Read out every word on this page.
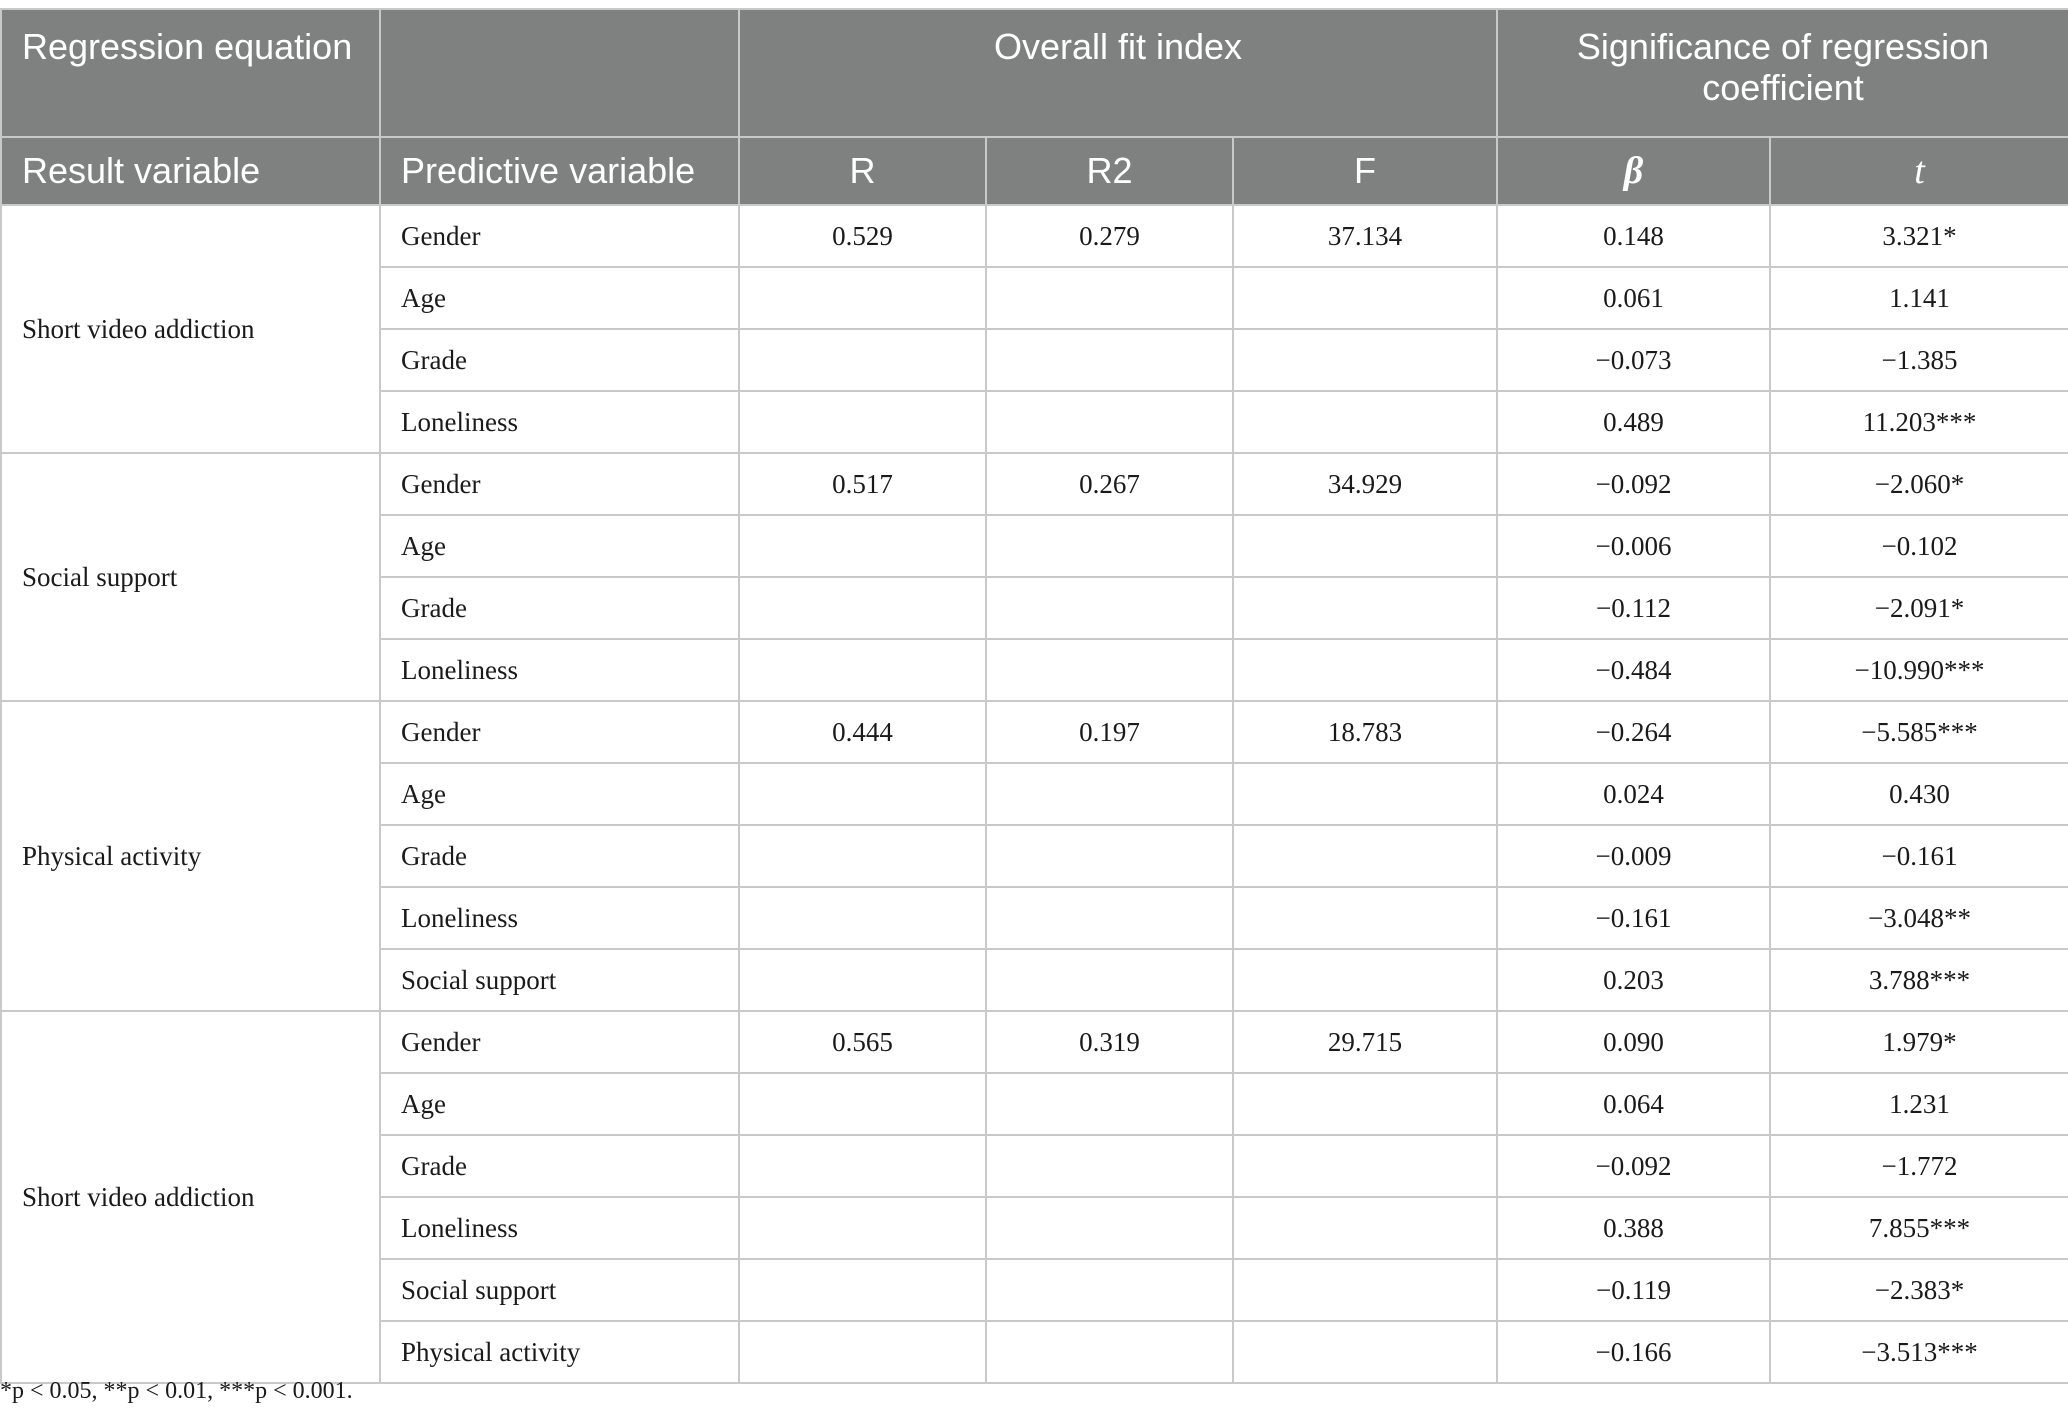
Regression equation		Overall fit index			Significance of regression coefficient	
Result variable	Predictive variable	R	R2	F	β	t
Short video addiction	Gender	0.529	0.279	37.134	0.148	3.321*
	Age				0.061	1.141
	Grade				−0.073	−1.385
	Loneliness				0.489	11.203***
Social support	Gender	0.517	0.267	34.929	−0.092	−2.060*
	Age				−0.006	−0.102
	Grade				−0.112	−2.091*
	Loneliness				−0.484	−10.990***
Physical activity	Gender	0.444	0.197	18.783	−0.264	−5.585***
	Age				0.024	0.430
	Grade				−0.009	−0.161
	Loneliness				−0.161	−3.048**
	Social support				0.203	3.788***
Short video addiction	Gender	0.565	0.319	29.715	0.090	1.979*
	Age				0.064	1.231
	Grade				−0.092	−1.772
	Loneliness				0.388	7.855***
	Social support				−0.119	−2.383*
	Physical activity				−0.166	−3.513***
*p < 0.05, **p < 0.01, ***p < 0.001.
